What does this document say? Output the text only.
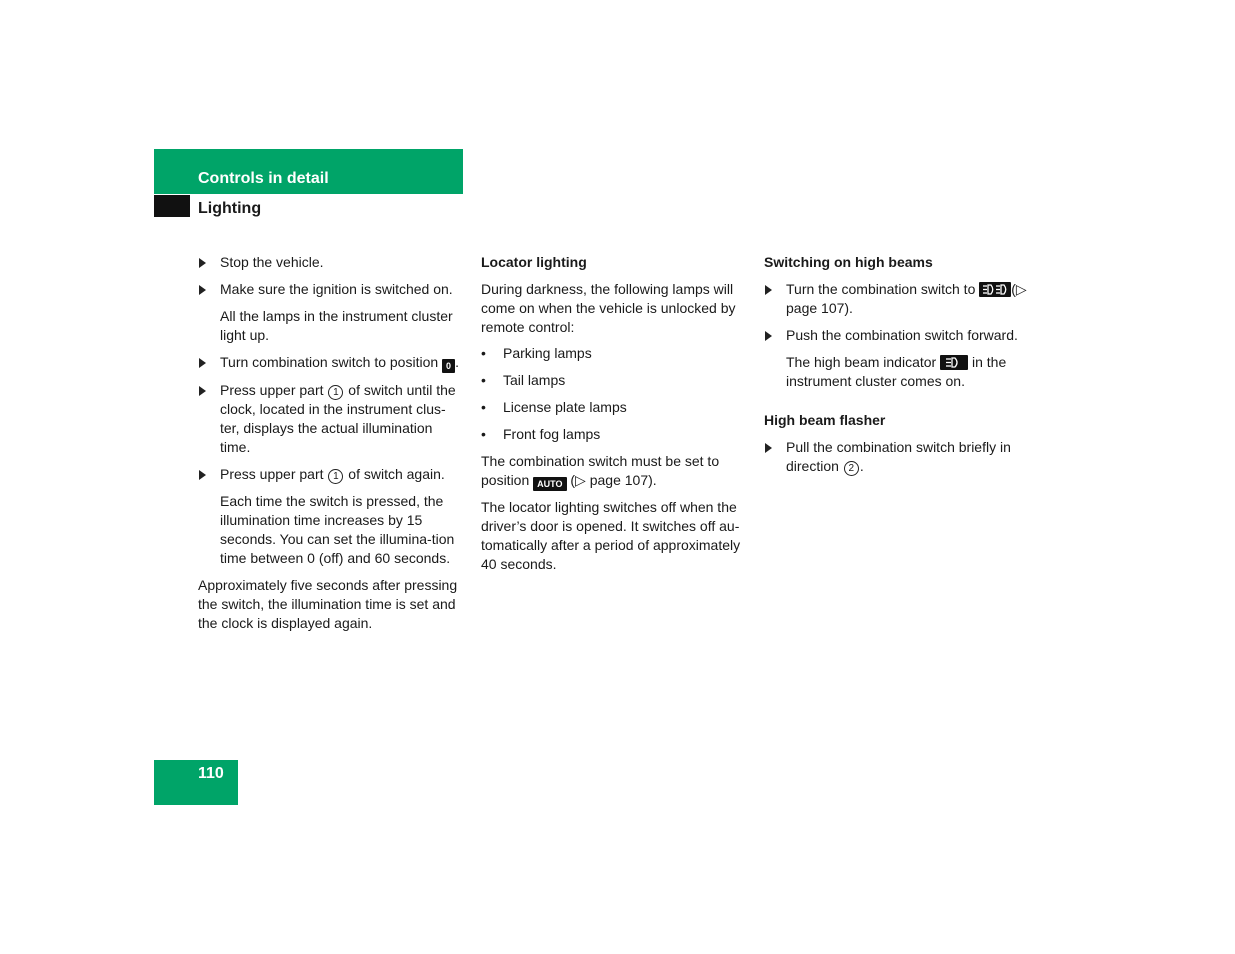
Controls in detail
Lighting
Stop the vehicle.
Make sure the ignition is switched on.
All the lamps in the instrument cluster light up.
Turn combination switch to position 0 .
Press upper part 1 of switch until the clock, located in the instrument clus-ter, displays the actual illumination time.
Press upper part 1 of switch again.
Each time the switch is pressed, the illumination time increases by 15 seconds. You can set the illumina-tion time between 0 (off) and 60 seconds.
Approximately five seconds after pressing the switch, the illumination time is set and the clock is displayed again.
Locator lighting
During darkness, the following lamps will come on when the vehicle is unlocked by remote control:
• Parking lamps
• Tail lamps
• License plate lamps
• Front fog lamps
The combination switch must be set to position AUTO (▷ page 107).
The locator lighting switches off when the driver’s door is opened. It switches off au-tomatically after a period of approximately 40 seconds.
Switching on high beams
Turn the combination switch to	(▷ page 107).
Push the combination switch forward.
The high beam indicator	in the instrument cluster comes on.
High beam flasher
Pull the combination switch briefly in direction 2 .
110
